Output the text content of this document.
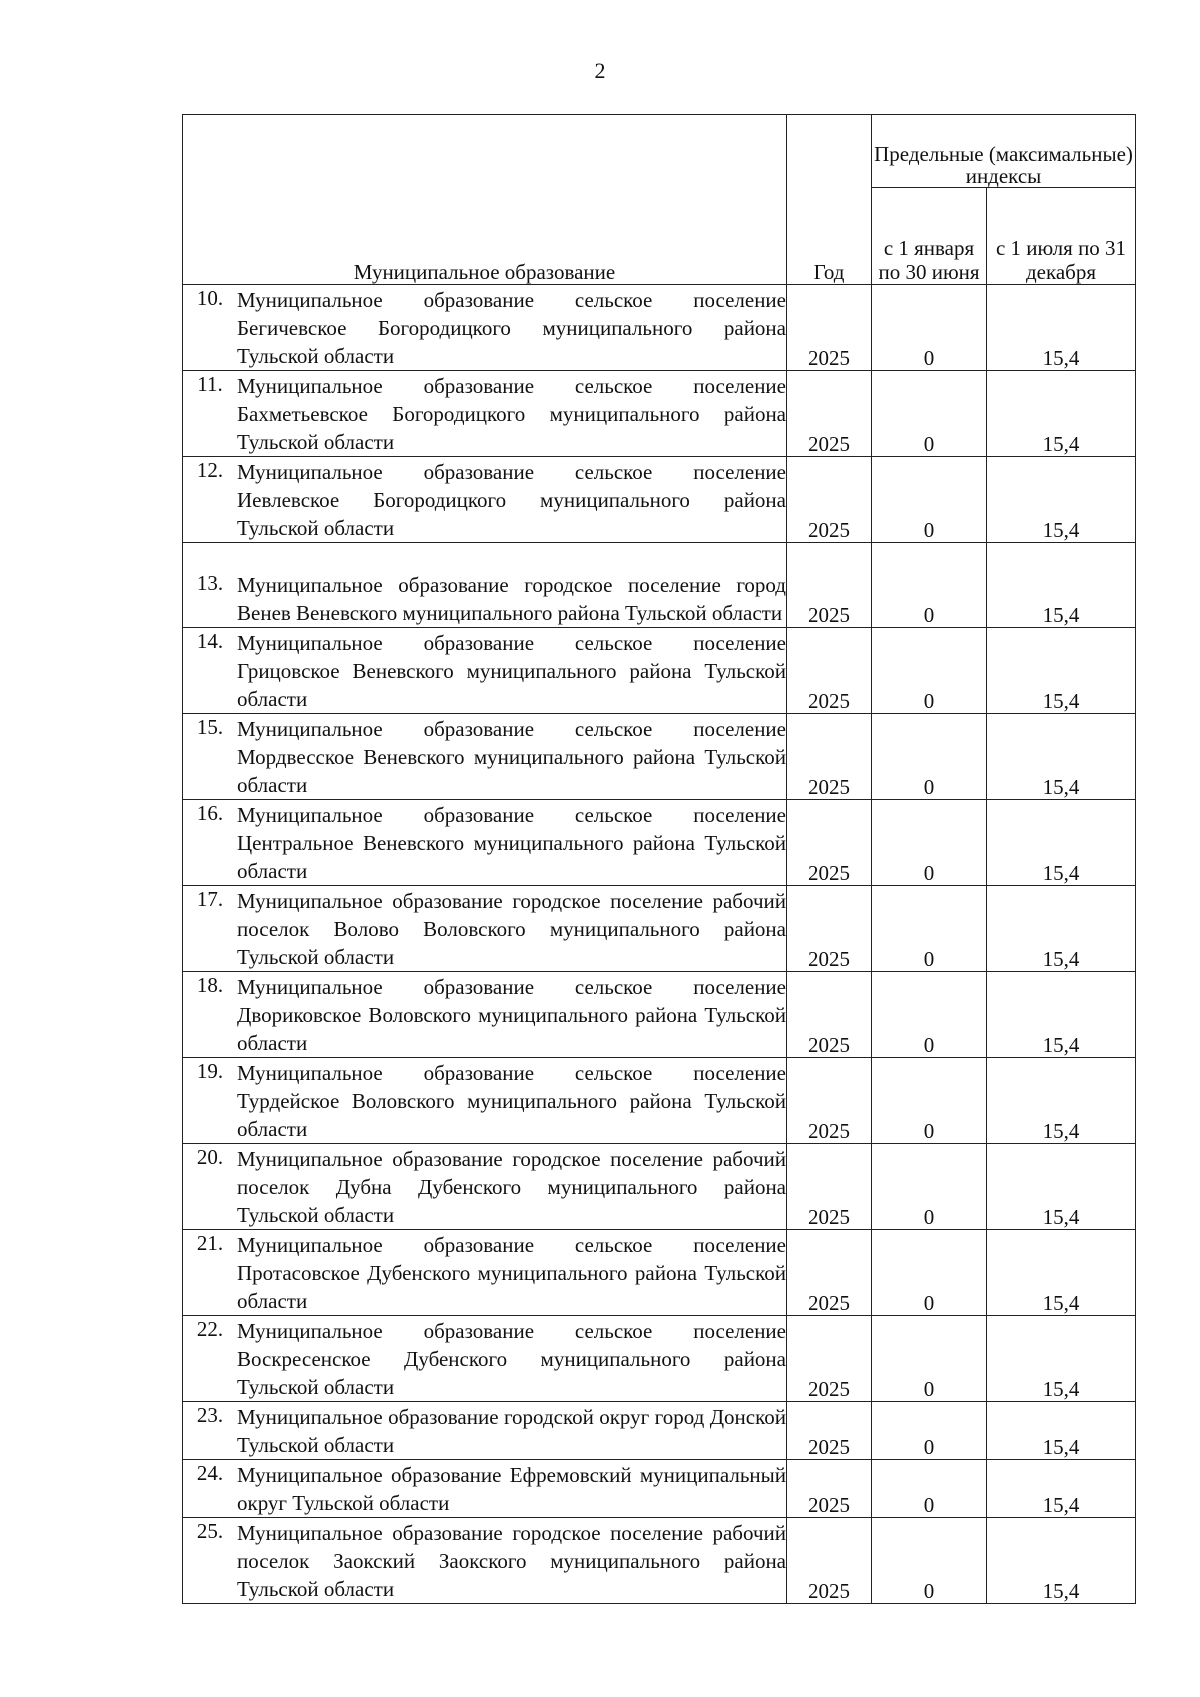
2
Муниципальное образование	Год	Предельные (максимальные) индексы	
		с 1 января по 30 июня	с 1 июля по 31 декабря

10. Муниципальное образование сельское поселение Бегичевское Богородицкого муниципального района Тульской области	2025	0	15,4

11. Муниципальное образование сельское поселение Бахметьевское Богородицкого муниципального района Тульской области	2025	0	15,4

12. Муниципальное образование сельское поселение Иевлевское Богородицкого муниципального района Тульской области	2025	0	15,4

13. Муниципальное образование городское поселение город Венев Веневского муниципального района Тульской области	2025	0	15,4

14. Муниципальное образование сельское поселение Грицовское Веневского муниципального района Тульской области	2025	0	15,4

15. Муниципальное образование сельское поселение Мордвесское Веневского муниципального района Тульской области	2025	0	15,4

16. Муниципальное образование сельское поселение Центральное Веневского муниципального района Тульской области	2025	0	15,4

17. Муниципальное образование городское поселение рабочий поселок Волово Воловского муниципального района Тульской области	2025	0	15,4

18. Муниципальное образование сельское поселение Двориковское Воловского муниципального района Тульской области	2025	0	15,4

19. Муниципальное образование сельское поселение Турдейское Воловского муниципального района Тульской области	2025	0	15,4

20. Муниципальное образование городское поселение рабочий поселок Дубна Дубенского муниципального района Тульской области	2025	0	15,4

21. Муниципальное образование сельское поселение Протасовское Дубенского муниципального района Тульской области	2025	0	15,4

22. Муниципальное образование сельское поселение Воскресенское Дубенского муниципального района Тульской области	2025	0	15,4

23. Муниципальное образование городской округ город Донской Тульской области	2025	0	15,4

24. Муниципальное образование Ефремовский муниципальный округ Тульской области	2025	0	15,4

25. Муниципальное образование городское поселение рабочий поселок Заокский Заокского муниципального района Тульской области	2025	0	15,4
